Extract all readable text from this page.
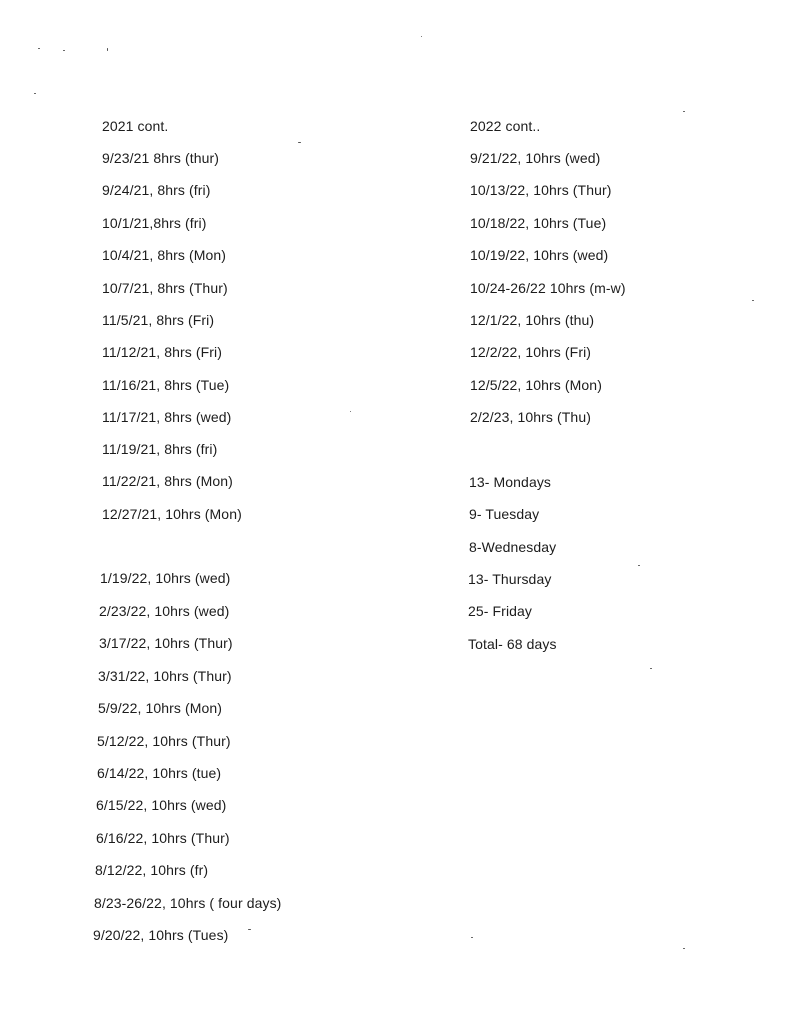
2021 cont.
9/23/21 8hrs (thur)
9/24/21, 8hrs (fri)
10/1/21,8hrs (fri)
10/4/21, 8hrs (Mon)
10/7/21, 8hrs (Thur)
11/5/21, 8hrs (Fri)
11/12/21, 8hrs (Fri)
11/16/21, 8hrs (Tue)
11/17/21, 8hrs (wed)
11/19/21, 8hrs (fri)
11/22/21, 8hrs (Mon)
12/27/21, 10hrs (Mon)
1/19/22, 10hrs (wed)
2/23/22, 10hrs (wed)
3/17/22, 10hrs (Thur)
3/31/22, 10hrs (Thur)
5/9/22, 10hrs (Mon)
5/12/22, 10hrs (Thur)
6/14/22, 10hrs (tue)
6/15/22, 10hrs (wed)
6/16/22, 10hrs (Thur)
8/12/22, 10hrs (fr)
8/23-26/22, 10hrs ( four days)
9/20/22, 10hrs (Tues)
2022 cont..
9/21/22, 10hrs (wed)
10/13/22, 10hrs (Thur)
10/18/22, 10hrs (Tue)
10/19/22, 10hrs (wed)
10/24-26/22 10hrs (m-w)
12/1/22, 10hrs (thu)
12/2/22, 10hrs (Fri)
12/5/22, 10hrs (Mon)
2/2/23, 10hrs (Thu)
13- Mondays
9- Tuesday
8-Wednesday
13- Thursday
25- Friday
Total- 68 days
